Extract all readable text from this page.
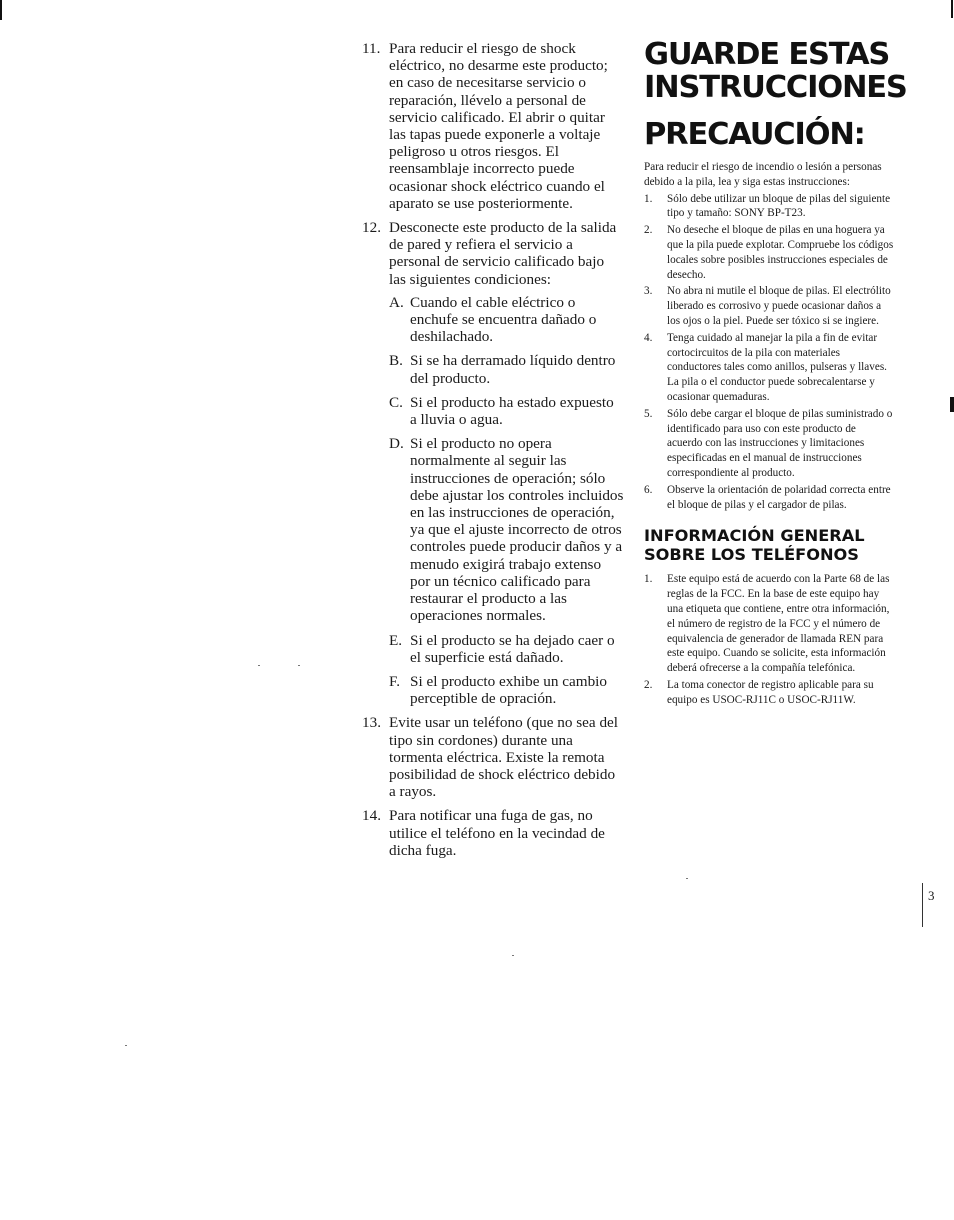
11. Para reducir el riesgo de shock eléctrico, no desarme este producto; en caso de necesitarse servicio o reparación, llévelo a personal de servicio calificado. El abrir o quitar las tapas puede exponerle a voltaje peligroso u otros riesgos. El reensamblaje incorrecto puede ocasionar shock eléctrico cuando el aparato se use posteriormente.
12. Desconecte este producto de la salida de pared y refiera el servicio a personal de servicio calificado bajo las siguientes condiciones:
A. Cuando el cable eléctrico o enchufe se encuentra dañado o deshilachado.
B. Si se ha derramado líquido dentro del producto.
C. Si el producto ha estado expuesto a lluvia o agua.
D. Si el producto no opera normalmente al seguir las instrucciones de operación; sólo debe ajustar los controles incluidos en las instrucciones de operación, ya que el ajuste incorrecto de otros controles puede producir daños y a menudo exigirá trabajo extenso por un técnico calificado para restaurar el producto a las operaciones normales.
E. Si el producto se ha dejado caer o el superficie está dañado.
F. Si el producto exhibe un cambio perceptible de opración.
13. Evite usar un teléfono (que no sea del tipo sin cordones) durante una tormenta eléctrica. Existe la remota posibilidad de shock eléctrico debido a rayos.
14. Para notificar una fuga de gas, no utilice el teléfono en la vecindad de dicha fuga.
GUARDE ESTAS
INSTRUCCIONES
PRECAUCIÓN:
Para reducir el riesgo de incendio o lesión a personas debido a la pila, lea y siga estas instrucciones:
1. Sólo debe utilizar un bloque de pilas del siguiente tipo y tamaño: SONY BP-T23.
2. No deseche el bloque de pilas en una hoguera ya que la pila puede explotar. Compruebe los códigos locales sobre posibles instrucciones especiales de desecho.
3. No abra ni mutile el bloque de pilas. El electrólito liberado es corrosivo y puede ocasionar daños a los ojos o la piel. Puede ser tóxico si se ingiere.
4. Tenga cuidado al manejar la pila a fin de evitar cortocircuitos de la pila con materiales conductores tales como anillos, pulseras y llaves. La pila o el conductor puede sobrecalentarse y ocasionar quemaduras.
5. Sólo debe cargar el bloque de pilas suministrado o identificado para uso con este producto de acuerdo con las instrucciones y limitaciones especificadas en el manual de instrucciones correspondiente al producto.
6. Observe la orientación de polaridad correcta entre el bloque de pilas y el cargador de pilas.
INFORMACIÓN GENERAL
SOBRE LOS TELÉFONOS
1. Este equipo está de acuerdo con la Parte 68 de las reglas de la FCC. En la base de este equipo hay una etiqueta que contiene, entre otra información, el número de registro de la FCC y el número de equivalencia de generador de llamada REN para este equipo. Cuando se solicite, esta información deberá ofrecerse a la compañía telefónica.
2. La toma conector de registro aplicable para su equipo es USOC-RJ11C o USOC-RJ11W.
3
